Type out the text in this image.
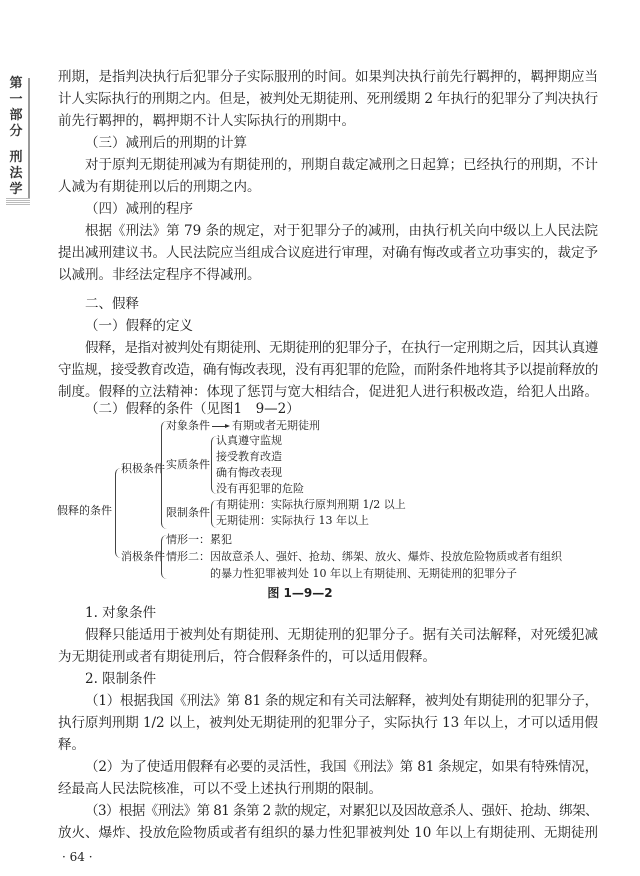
第
一
部
分
刑
法
学
刑期，是指判决执行后犯罪分子实际服刑的时间。如果判决执行前先行羁押的，羁押期应当
计人实际执行的刑期之内。但是，被判处无期徒刑、死刑缓期 2 年执行的犯罪分了判决执行
前先行羁押的，羁押期不计人实际执行的刑期中。
（三）减刑后的刑期的计算
对于原判无期徒刑减为有期徒刑的，刑期自裁定减刑之日起算；已经执行的刑期，不计
人减为有期徒刑以后的刑期之内。
（四）减刑的程序
根据《刑法》第 79 条的规定，对于犯罪分子的减刑，由执行机关向中级以上人民法院
提出减刑建议书。人民法院应当组成合议庭进行审理，对确有悔改或者立功事实的，裁定予
以减刑。非经法定程序不得减刑。
二、假释
（一）假释的定义
假释，是指对被判处有期徒刑、无期徒刑的犯罪分子，在执行一定刑期之后，因其认真遵
守监规，接受教育改造，确有悔改表现，没有再犯罪的危险，而附条件地将其予以提前释放的
制度。假释的立法精神：体现了惩罚与宽大相结合，促进犯人进行积极改造，给犯人出路。
（二）假释的条件（见图1　9—2）
假释的条件
积极条件
对象条件 有期或者无期徒刑
实质条件
认真遵守监规
接受教育改造
确有悔改表现
没有再犯罪的危险
限制条件
有期徒刑：实际执行原判刑期 1/2 以上
无期徒刑：实际执行 13 年以上
消极条件
情形一：累犯
情形二：因故意杀人、强奸、抢劫、绑架、放火、爆炸、投放危险物质或者有组织
的暴力性犯罪被判处 10 年以上有期徒刑、无期徒刑的犯罪分子
图 1—9—2
1. 对象条件
假释只能适用于被判处有期徒刑、无期徒刑的犯罪分子。据有关司法解释，对死缓犯减
为无期徒刑或者有期徒刑后，符合假释条件的，可以适用假释。
2. 限制条件
（1）根据我国《刑法》第 81 条的规定和有关司法解释，被判处有期徒刑的犯罪分子，
执行原判刑期 1/2 以上，被判处无期徒刑的犯罪分子，实际执行 13 年以上，才可以适用假
释。
（2）为了使适用假释有必要的灵活性，我国《刑法》第 81 条规定，如果有特殊情况，
经最高人民法院核准，可以不受上述执行刑期的限制。
（3）根据《刑法》第 81 条第 2 款的规定，对累犯以及因故意杀人、强奸、抢劫、绑架、
放火、爆炸、投放危险物质或者有组织的暴力性犯罪被判处 10 年以上有期徒刑、无期徒刑
· 64 ·
